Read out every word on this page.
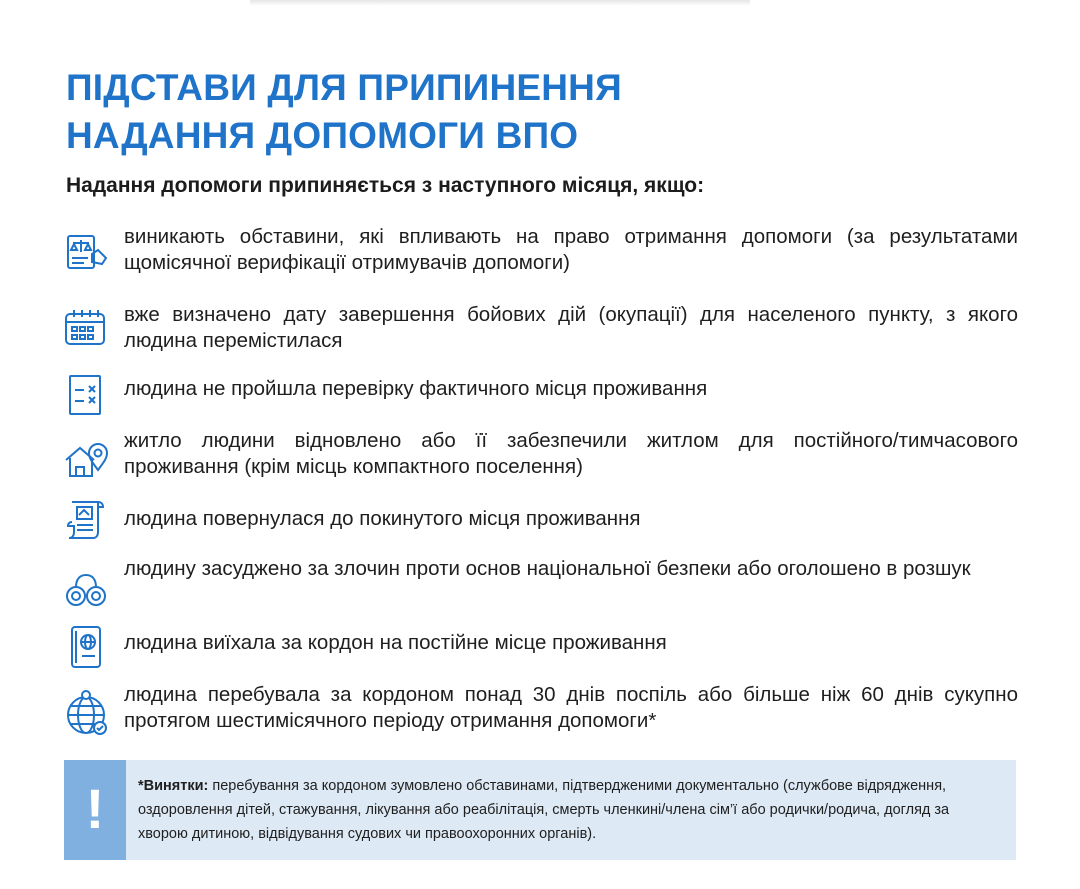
ПІДСТАВИ ДЛЯ ПРИПИНЕННЯ
НАДАННЯ ДОПОМОГИ ВПО
Надання допомоги припиняється з наступного місяця, якщо:
виникають обставини, які впливають на право отримання допомоги (за результатами щомісячної верифікації отримувачів допомоги)
вже визначено дату завершення бойових дій (окупації) для населеного пункту, з якого людина перемістилася
людина не пройшла перевірку фактичного місця проживання
житло людини відновлено або її забезпечили житлом для постійного/тимчасового проживання (крім місць компактного поселення)
людина повернулася до покинутого місця проживання
людину засуджено за злочин проти основ національної безпеки або оголошено в розшук
людина виїхала за кордон на постійне місце проживання
людина перебувала за кордоном понад 30 днів поспіль або більше ніж 60 днів сукупно протягом шестимісячного періоду отримання допомоги*
!	*Винятки: перебування за кордоном зумовлено обставинами, підтвердженими документально (службове відрядження, оздоровлення дітей, стажування, лікування або реабілітація, смерть членкині/члена сім’ї або родички/родича, догляд за хворою дитиною, відвідування судових чи правоохоронних органів).
